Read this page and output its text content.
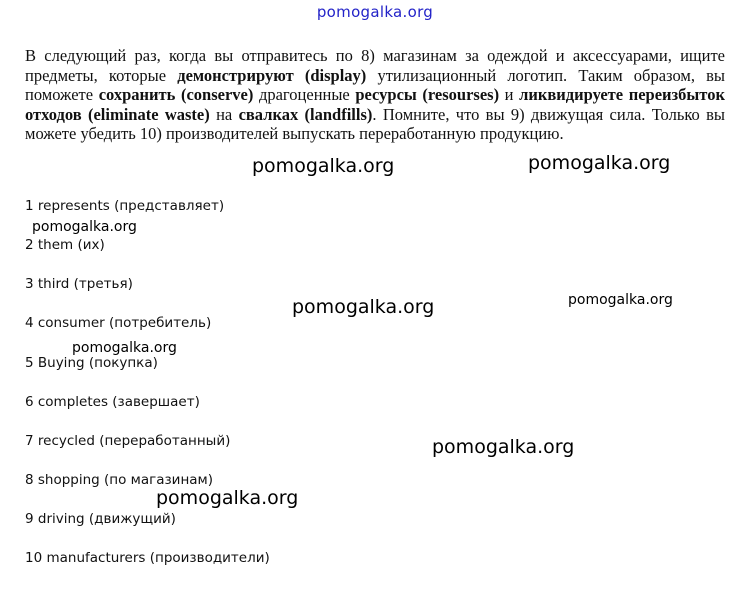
pomogalka.org
В следующий раз, когда вы отправитесь по 8) магазинам за одеждой и аксессуарами, ищите предметы, которые демонстрируют (display) утилизационный логотип. Таким образом, вы поможете сохранить (conserve) драгоценные ресурсы (resourses) и ликвидируете переизбыток отходов (eliminate waste) на свалках (landfills). Помните, что вы 9) движущая сила. Только вы можете убедить 10) производителей выпускать переработанную продукцию.
1 represents (представляет)
2 them (их)
3 third (третья)
4 consumer (потребитель)
5 Buying (покупка)
6 completes (завершает)
7 recycled (переработанный)
8 shopping (по магазинам)
9 driving (движущий)
10 manufacturers (производители)
pomogalka.org	pomogalka.org
pomogalka.org
pomogalka.org	pomogalka.org
pomogalka.org
pomogalka.org
pomogalka.org
